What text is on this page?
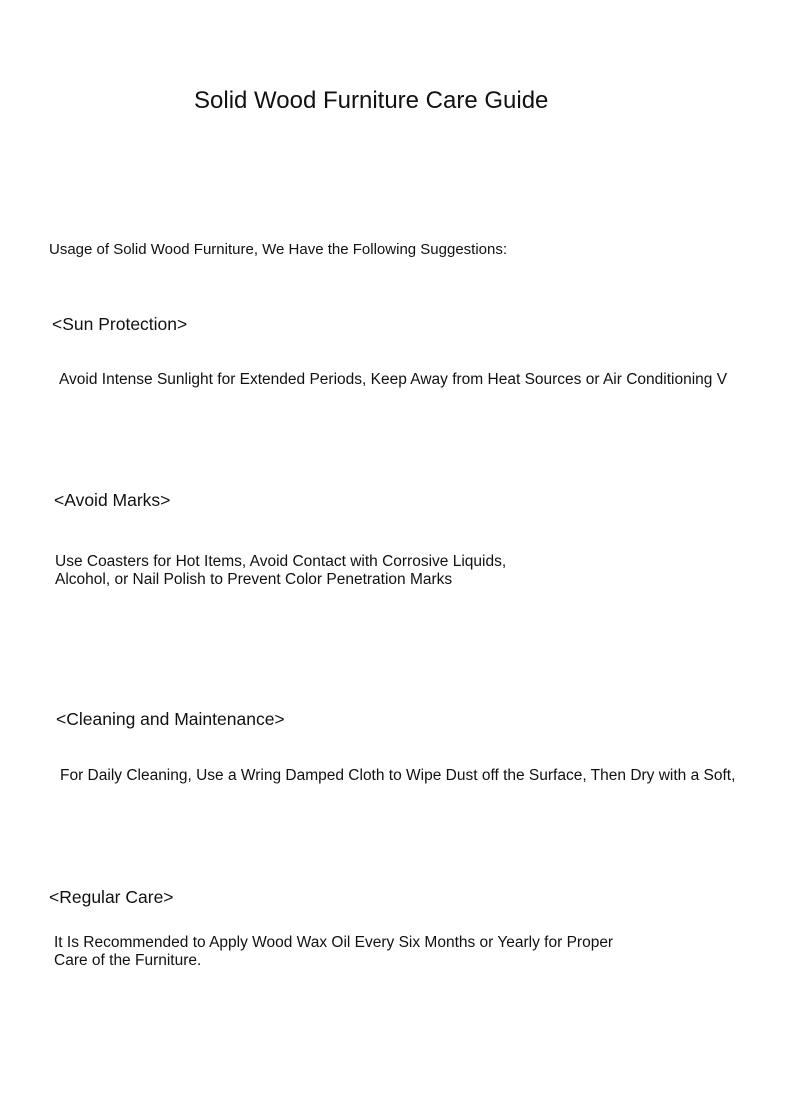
Solid Wood Furniture Care Guide
Usage of Solid Wood Furniture, We Have the Following Suggestions:
<Sun Protection>
Avoid Intense Sunlight for Extended Periods, Keep Away from Heat Sources or Air Conditioning V
<Avoid Marks>
Use Coasters for Hot Items, Avoid Contact with Corrosive Liquids,
Alcohol, or Nail Polish to Prevent Color Penetration Marks
<Cleaning and Maintenance>
For Daily Cleaning, Use a Wring Damped Cloth to Wipe Dust off the Surface, Then Dry with a Soft,
<Regular Care>
It Is Recommended to Apply Wood Wax Oil Every Six Months or Yearly for Proper
Care of the Furniture.
